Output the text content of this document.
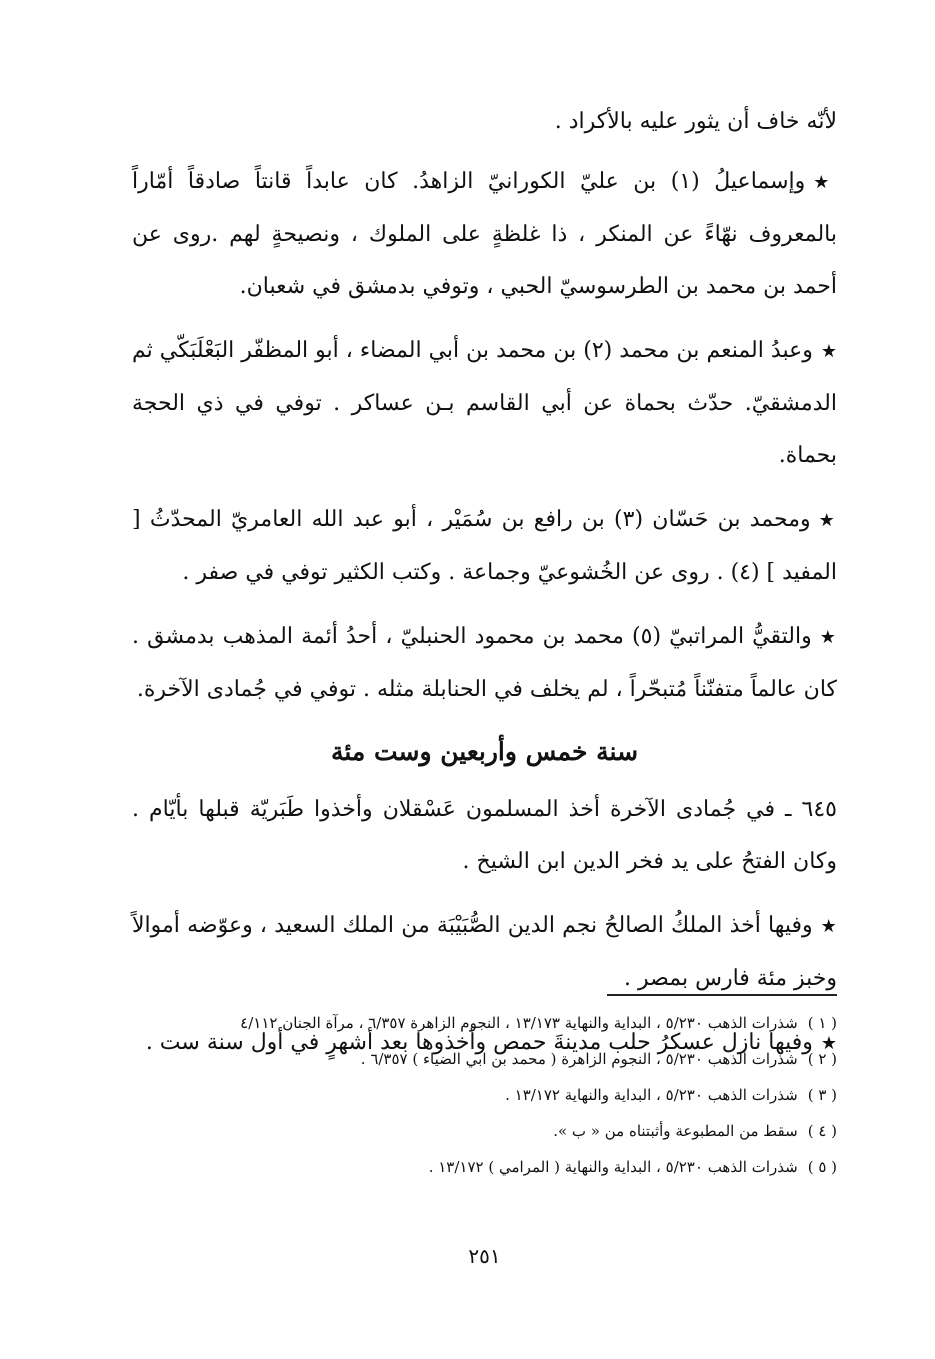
لأنّه خاف أن يثور عليه بالأكراد .

★وإسماعيلُ (١) بن عليّ الكورانيّ الزاهدُ. كان عابداً قانتاً صادقاً أمّاراً بالمعروف نهّاءً عن المنكر ، ذا غلظةٍ على الملوك ، ونصيحةٍ لهم .روى عن أحمد بن محمد بن الطرسوسيّ الحبي ، وتوفي بدمشق في شعبان.

★وعبدُ المنعم بن محمد (٢) بن محمد بن أبي المضاء ، أبو المظفّر البَعْلَبَكّي ثم الدمشقيّ. حدّث بحماة عن أبي القاسم بـن عساكر . توفي في ذي الحجة بحماة.

★ومحمد بن حَسّان (٣) بن رافع بن سُمَيْر ، أبو عبد الله العامريّ المحدّثُ [ المفيد ] (٤) . روى عن الخُشوعيّ وجماعة . وكتب الكثير توفي في صفر .

★والتقيُّ المراتبيّ (٥) محمد بن محمود الحنبليّ ، أحدُ أئمة المذهب بدمشق . كان عالماً متفنّناً مُتبحّراً ، لم يخلف في الحنابلة مثله . توفي في جُمادى الآخرة.

سنة خمس وأربعين وست مئة

٦٤٥ ـ في جُمادى الآخرة أخذ المسلمون عَسْقلان وأخذوا طَبَريّة قبلها بأيّام . وكان الفتحُ على يد فخر الدين ابن الشيخ .

★وفيها أخذ الملكُ الصالحُ نجم الدين الصُّبَيْبَة من الملك السعيد ، وعوّضه أموالاً وخبز مئة فارس بمصر .

★وفيها نازل عسكرُ حلب مدينةَ حمص وأخذوها بعد أشهرٍ في أول سنة ست .

( ١ )شذرات الذهب ٥/٢٣٠ ، البداية والنهاية ١٣/١٧٣ ، النجوم الزاهرة ٦/٣٥٧ ، مرآة الجنان ٤/١١٢

( ٢ )شذرات الذهب ٥/٢٣٠ ، النجوم الزاهرة ( محمد بن ابي الضياء ) ٦/٣٥٧ .

( ٣ )شذرات الذهب ٥/٢٣٠ ، البداية والنهاية ١٣/١٧٢ .

( ٤ )سقط من المطبوعة وأثبتناه من « ب ».

( ٥ )شذرات الذهب ٥/٢٣٠ ، البداية والنهاية ( المرامي ) ١٣/١٧٢ .

٢٥١
